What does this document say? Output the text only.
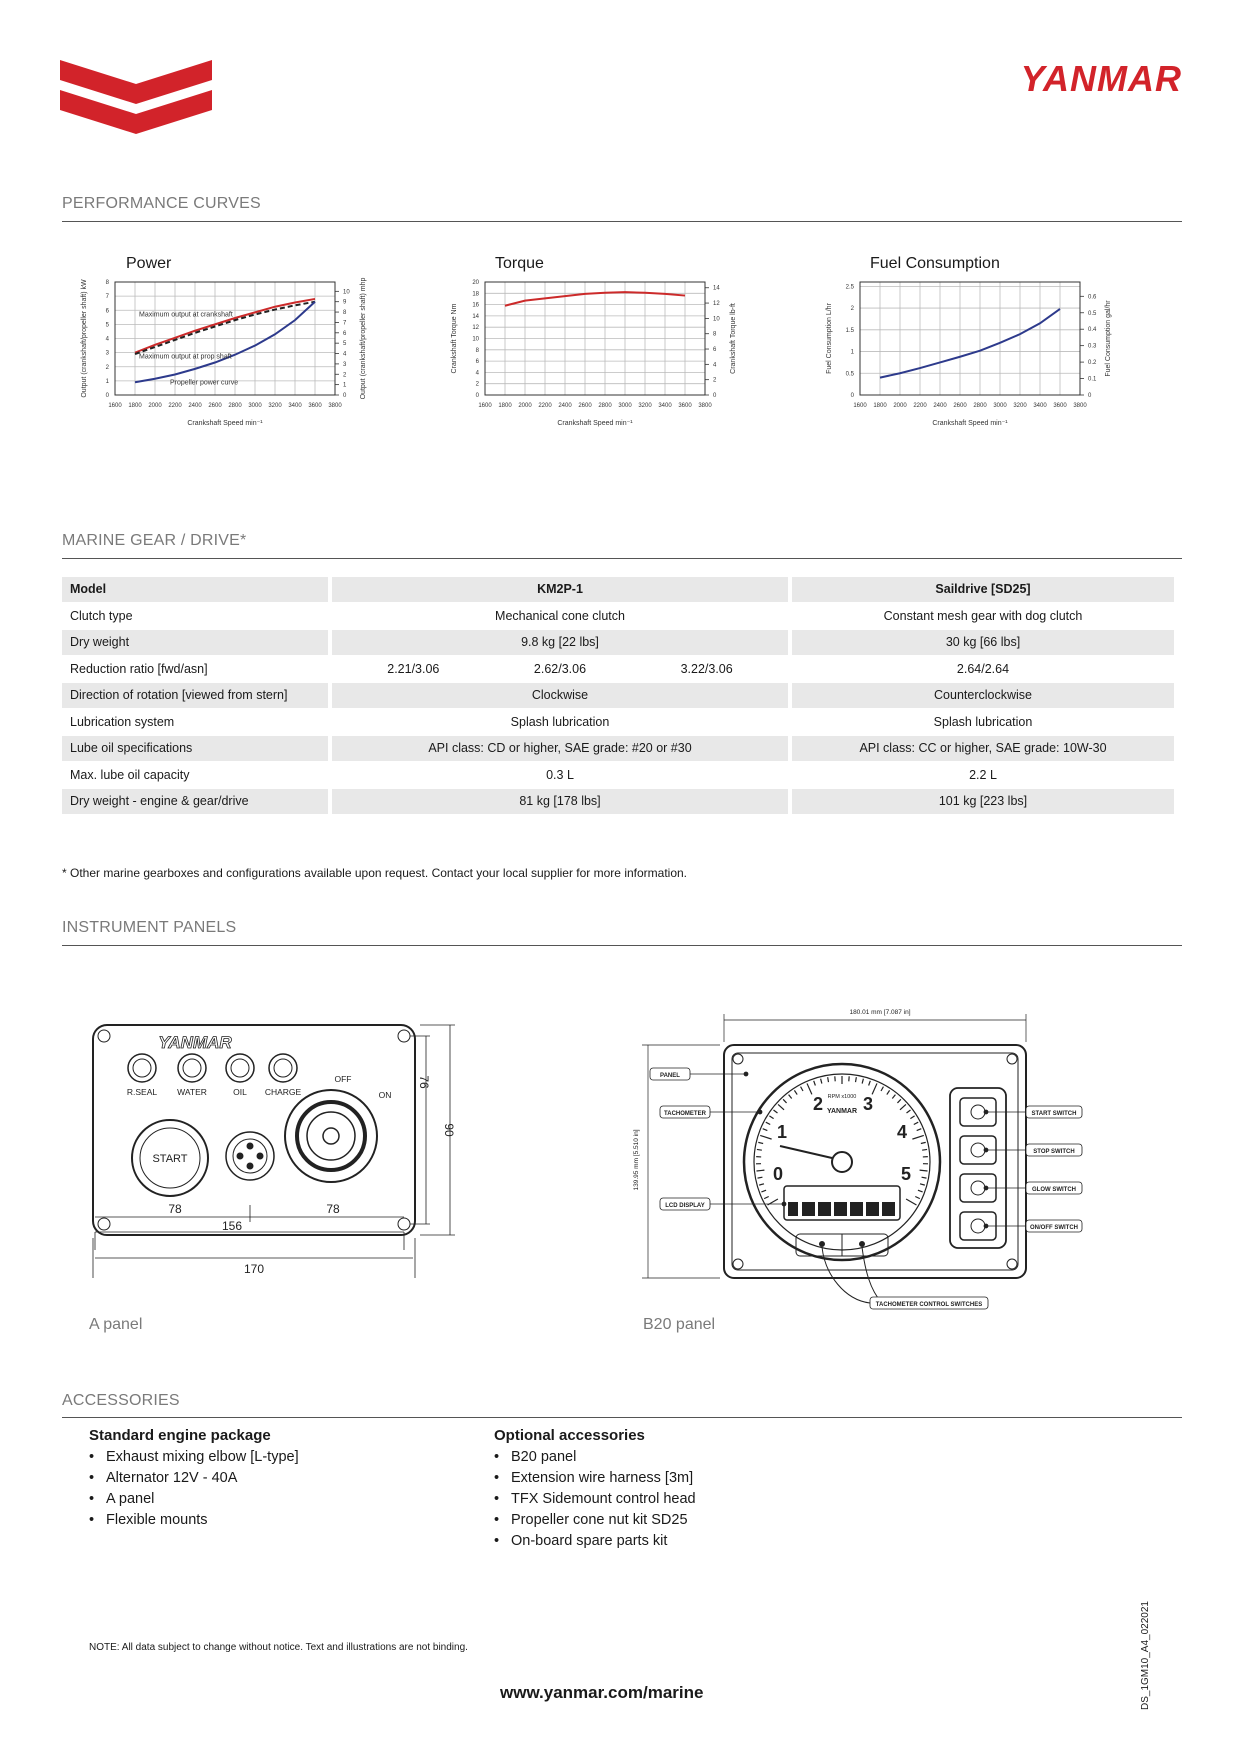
YANMAR
PERFORMANCE CURVES
Power	Torque	Fuel Consumption
1600 1800 2000 2200 2400 2600 2800 3000 3200 3400 3600 3800
0
1
2
3
4
5
6
7
8
0
1
2
3
4
5
6
7
8
9
10
Crankshaft Speed min⁻¹
Output (crankshaft/propeller shaft) kW	Output (crankshaft/propeller shaft) mhp
Maximum output at crankshaft
Maximum output at prop shaft
Propeller power curve
1600 1800 2000 2200 2400 2600 2800 3000 3200 3400 3600 3800
0
2
4
6
8
10
12
14
16
18
20
0
2
4
6
8
10
12
14
Crankshaft Speed min⁻¹
Crankshaft Torque Nm	Crankshaft Torque lb-ft
1600 1800 2000 2200 2400 2600 2800 3000 3200 3400 3600 3800
0
0.5
1
1.5
2
2.5
0
0.1
0.2
0.3
0.4
0.5
0.6
Crankshaft Speed min⁻¹
Fuel Consumption L/hr	Fuel Consumption gal/hr
MARINE GEAR / DRIVE*
Model	KM2P-1	Saildrive [SD25]
Clutch type	Mechanical cone clutch	Constant mesh gear with dog clutch
Dry weight	9.8 kg [22 lbs]	30 kg [66 lbs]
Reduction ratio [fwd/asn]	2.21/3.06 2.62/3.06 3.22/3.06	2.64/2.64
Direction of rotation [viewed from stern]	Clockwise	Counterclockwise
Lubrication system	Splash lubrication	Splash lubrication
Lube oil specifications	API class: CD or higher, SAE grade: #20 or #30	API class: CC or higher, SAE grade: 10W-30
Max. lube oil capacity	0.3 L	2.2 L
Dry weight - engine & gear/drive	81 kg [178 lbs]	101 kg [223 lbs]
* Other marine gearboxes and configurations available upon request. Contact your local supplier for more information.
INSTRUMENT PANELS
YANMAR
R.SEAL WATER	OIL CHARGE
OFF
ON
START
78	78
156
170
90
76
A panel
180.01 mm [7.087 in]
139.95 mm [5.510 in]	0
1
2 3
4
5
RPM x1000
YANMAR
PANEL
TACHOMETER
LCD DISPLAY
START SWITCH
STOP SWITCH
GLOW SWITCH
ON/OFF SWITCH
TACHOMETER CONTROL SWITCHES
B20 panel
ACCESSORIES
Standard engine package
• Exhaust mixing elbow [L-type]
• Alternator 12V - 40A
• A panel
• Flexible mounts
Optional accessories
• B20 panel
• Extension wire harness [3m]
• TFX Sidemount control head
• Propeller cone nut kit SD25
• On-board spare parts kit
NOTE: All data subject to change without notice. Text and illustrations are not binding.
www.yanmar.com/marine	DS_1GM10_A4_022021
